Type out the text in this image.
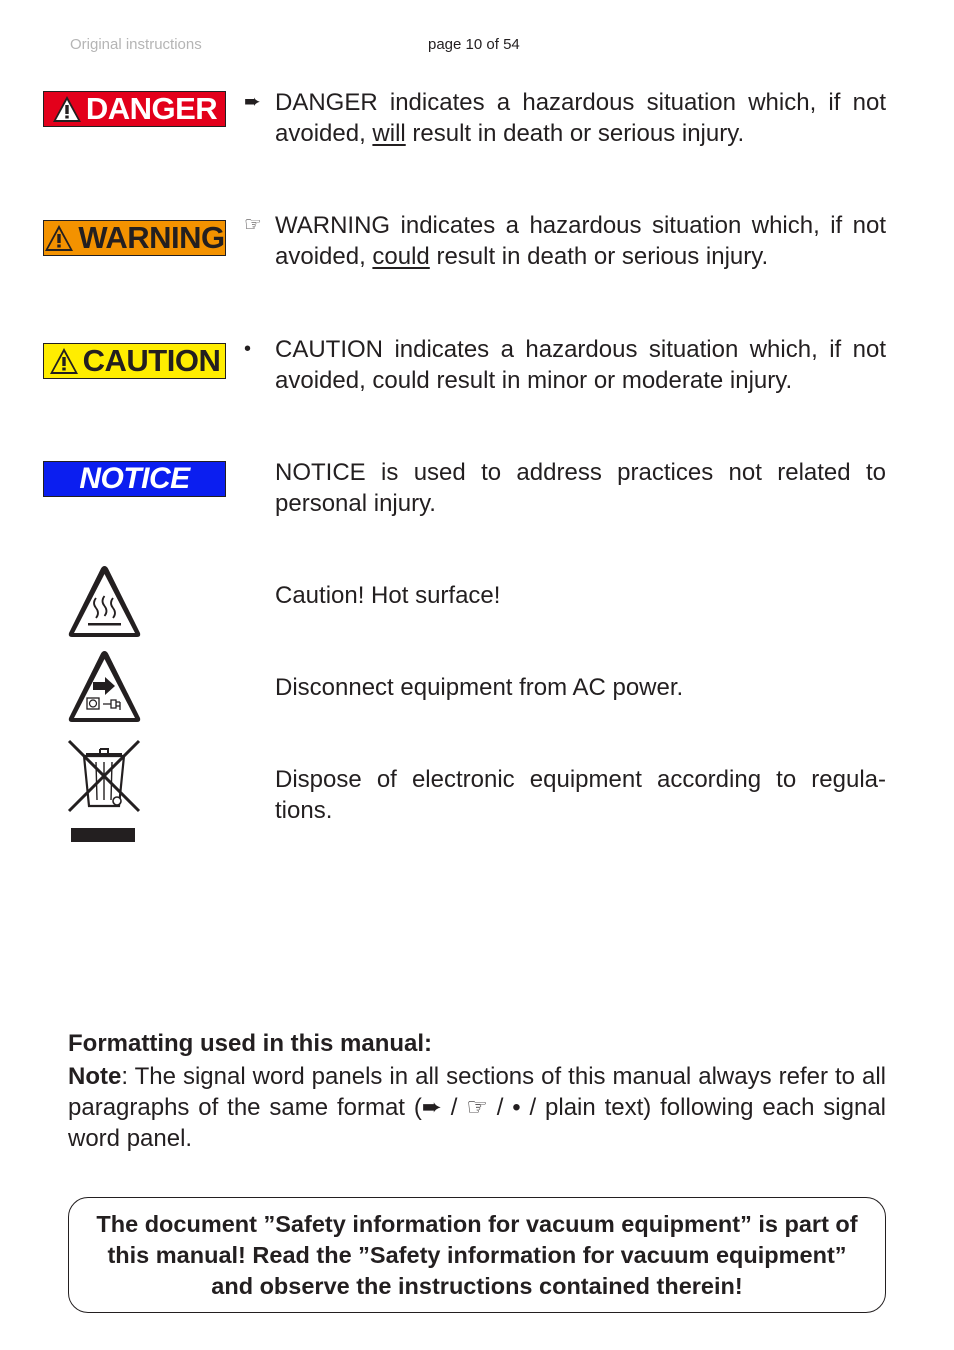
Original instructions	page 10 of 54
DANGER ➨ DANGER indicates a hazardous situation which, if not avoided, will result in death or serious injury.
WARNING ☞ WARNING indicates a hazardous situation which, if not avoided, could result in death or serious injury.
CAUTION • CAUTION indicates a hazardous situation which, if not avoided, could result in minor or moderate injury.
NOTICE	NOTICE is used to address practices not related to personal injury.
Caution! Hot surface!
Disconnect equipment from AC power.
Dispose of electronic equipment according to regula-tions.
Formatting used in this manual:
Note: The signal word panels in all sections of this manual always refer to all paragraphs of the same format (➨ / ☞ / • / plain text) following each signal word panel.
The document ”Safety information for vacuum equipment” is part of this manual! Read the ”Safety information for vacuum equipment” and observe the instructions contained therein!
